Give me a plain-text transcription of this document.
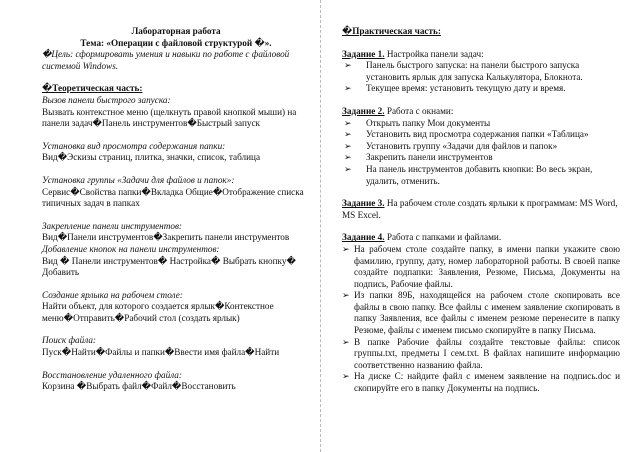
Лабораторная работа
Тема: «Операции с файловой структурой �».
�Цель: сформировать умения и навыки по работе с файловой системой Windows.
�Теоретическая часть:
Вызов панели быстрого запуска:
Вызвать контекстное меню (щелкнуть правой кнопкой мыши) на панели задач�Панель инструментов�Быстрый запуск
Установка вид просмотра содержания папки:
Вид�Эскизы страниц, плитка, значки, список, таблица
Установка группы «Задачи для файлов и папок»:
Сервис�Свойства папки�Вкладка Общие�Отображение списка типичных задач в папках
Закрепление панели инструментов:
Вид�Панели инструментов�Закрепить панели инструментов
Добавление кнопок на панели инструментов:
Вид � Панели инструментов� Настройка� Выбрать кнопку� Добавить
Создание ярлыка на рабочем столе:
Найти объект, для которого создается ярлык�Контекстное меню�Отправить�Рабочий стол (создать ярлык)
Поиск файла:
Пуск�Найти�Файлы и папки�Ввести имя файла�Найти
Восстановление удаленного файла:
Корзина �Выбрать файл�Файл�Восстановить
�Практическая часть:
Задание 1. Настройка панели задач:
➢ Панель быстрого запуска: на панели быстрого запуска установить ярлык для запуска Калькулятора, Блокнота.
➢ Текущее время: установить текущую дату и время.
Задание 2. Работа с окнами:
➢ Открыть папку Мои документы
➢ Установить вид просмотра содержания папки «Таблица»
➢ Установить группу «Задачи для файлов и папок»
➢ Закрепить панели инструментов
➢ На панель инструментов добавить кнопки: Во весь экран, удалить, отменить.
Задание 3. На рабочем столе создать ярлыки к программам: MS Word, MS Excel.
Задание 4. Работа с папками и файлами.
➢ На рабочем столе создайте папку, в имени папки укажите свою фамилию, группу, дату, номер лабораторной работы. В своей папке создайте подпапки: Заявления, Резюме, Письма, Документы на подпись, Рабочие файлы.
➢ Из папки 89Б, находящейся на рабочем столе скопировать все файлы в свою папку. Все файлы с именем заявление скопировать в папку Заявления, все файлы с именем резюме перенесите в папку Резюме, файлы с именем письмо скопируйте в папку Письма.
➢ В папке Рабочие файлы создайте текстовые файлы: список группы.txt, предметы I сем.txt. В файлах напишите информацию соответственно названию файла.
➢ На диске С: найдите файл с именем заявление на подпись.doc и скопируйте его в папку Документы на подпись.
